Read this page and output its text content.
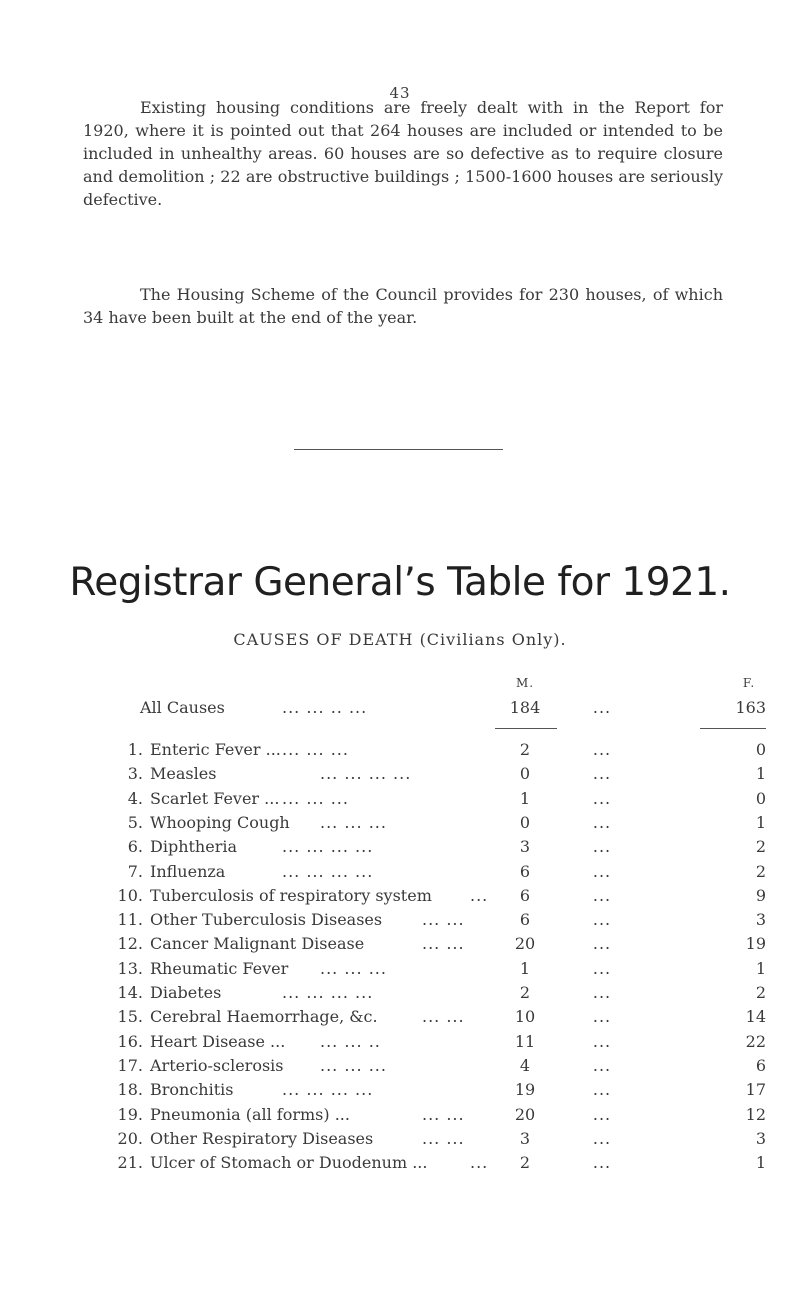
43

Existing housing conditions are freely dealt with in the Report for 1920, where it is pointed out that 264 houses are included or intended to be included in unhealthy areas. 60 houses are so defective as to require closure and demolition ; 22 are obstructive buildings ; 1500-1600 houses are seriously defective.

The Housing Scheme of the Council provides for 230 houses, of which 34 have been built at the end of the year.

Registrar General’s Table for 1921.
CAUSES OF DEATH (Civilians Only).
M.	F.
All Causes	... ... .. ...	184	...	163
1. Enteric Fever ... ... ... ...	2	...	0
3. Measles	... ... ... ...	0	...	1
4. Scarlet Fever ... ... ... ...	1	...	0
5. Whooping Cough ... ... ...	0	...	1
6. Diphtheria	... ... ... ...	3	...	2
7. Influenza	... ... ... ...	6	...	2
10. Tuberculosis of respiratory system ...	6	...	9
11. Other Tuberculosis Diseases ... ...	6	...	3
12. Cancer Malignant Disease	... ...	20	...	19
13. Rheumatic Fever ... ... ...	1	...	1
14. Diabetes	... ... ... ...	2	...	2
15. Cerebral Haemorrhage, &c.	... ...	10	...	14
16. Heart Disease ... ... ... ..	11	...	22
17. Arterio-sclerosis ... ... ...	4	...	6
18. Bronchitis	... ... ... ...	19	...	17
19. Pneumonia (all forms) ...	... ...	20	...	12
20. Other Respiratory Diseases	... ...	3	...	3
21. Ulcer of Stomach or Duodenum ...	...	2	...	1
